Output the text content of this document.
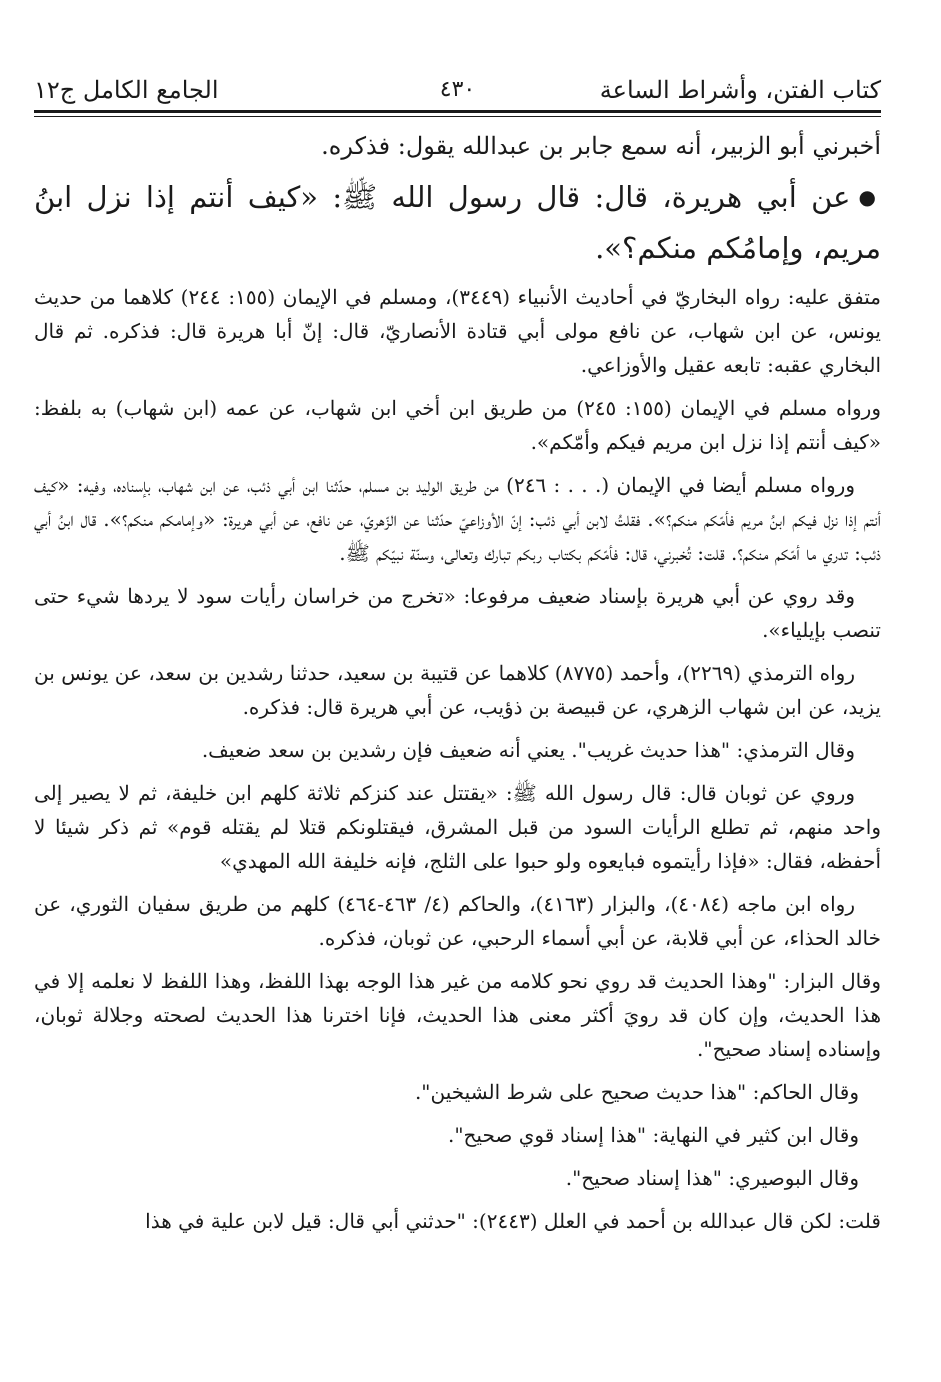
كتاب الفتن، وأشراط الساعة
٤٣٠
الجامع الكامل ج١٢

أخبرني أبو الزبير، أنه سمع جابر بن عبدالله يقول: فذكره.

●عن أبي هريرة، قال: قال رسول الله ﷺ: «كيف أنتم إذا نزل ابنُ مريم، وإمامُكم منكم؟».

متفق عليه: رواه البخاريّ في أحاديث الأنبياء (٣٤٤٩)، ومسلم في الإيمان (١٥٥: ٢٤٤) كلاهما من حديث يونس، عن ابن شهاب، عن نافع مولى أبي قتادة الأنصاريّ، قال: إنّ أبا هريرة قال: فذكره. ثم قال البخاري عقبه: تابعه عقيل والأوزاعي.

ورواه مسلم في الإيمان (١٥٥: ٢٤٥) من طريق ابن أخي ابن شهاب، عن عمه (ابن شهاب) به بلفظ: «كيف أنتم إذا نزل ابن مريم فيكم وأمّكم».

ورواه مسلم أيضا في الإيمان (. . . : ٢٤٦) من طريق الوليد بن مسلم، حدّثنا ابن أبي ذئب، عن ابن شهاب، بإسناده، وفيه: «كيف أنتم إذا نزل فيكم ابنُ مريم فأمّكم منكم؟». فقلتُ لابن أبي ذئب: إنّ الأوزاعيّ حدّثنا عن الزّهريّ، عن نافع، عن أبي هريرة: «وإمامكم منكم؟». قال ابنُ أبي ذئب: تدري ما أمّكم منكم؟. قلت: تُخبرني، قال: فأمّكم بكتاب ربكم تبارك وتعالى، وسنّة نبيّكم ﷺ.

وقد روي عن أبي هريرة بإسناد ضعيف مرفوعا: «تخرج من خراسان رأيات سود لا يردها شيء حتى تنصب بإيلياء».

رواه الترمذي (٢٢٦٩)، وأحمد (٨٧٧٥) كلاهما عن قتيبة بن سعيد، حدثنا رشدين بن سعد، عن يونس بن يزيد، عن ابن شهاب الزهري، عن قبيصة بن ذؤيب، عن أبي هريرة قال: فذكره.

وقال الترمذي: "هذا حديث غريب". يعني أنه ضعيف فإن رشدين بن سعد ضعيف.

وروي عن ثوبان قال: قال رسول الله ﷺ: «يقتتل عند كنزكم ثلاثة كلهم ابن خليفة، ثم لا يصير إلى واحد منهم، ثم تطلع الرأيات السود من قبل المشرق، فيقتلونكم قتلا لم يقتله قوم» ثم ذكر شيئا لا أحفظه، فقال: «فإذا رأيتموه فبايعوه ولو حبوا على الثلج، فإنه خليفة الله المهدي»

رواه ابن ماجه (٤٠٨٤)، والبزار (٤١٦٣)، والحاكم (٤/ ٤٦٣-٤٦٤) كلهم من طريق سفيان الثوري، عن خالد الحذاء، عن أبي قلابة، عن أبي أسماء الرحبي، عن ثوبان، فذكره.

وقال البزار: "وهذا الحديث قد روي نحو كلامه من غير هذا الوجه بهذا اللفظ، وهذا اللفظ لا نعلمه إلا في هذا الحديث، وإن كان قد رويَ أكثر معنى هذا الحديث، فإنا اخترنا هذا الحديث لصحته وجلالة ثوبان، وإسناده إسناد صحيح".

وقال الحاكم: "هذا حديث صحيح على شرط الشيخين".

وقال ابن كثير في النهاية: "هذا إسناد قوي صحيح".

وقال البوصيري: "هذا إسناد صحيح".

قلت: لكن قال عبدالله بن أحمد في العلل (٢٤٤٣): "حدثني أبي قال: قيل لابن علية في هذا
